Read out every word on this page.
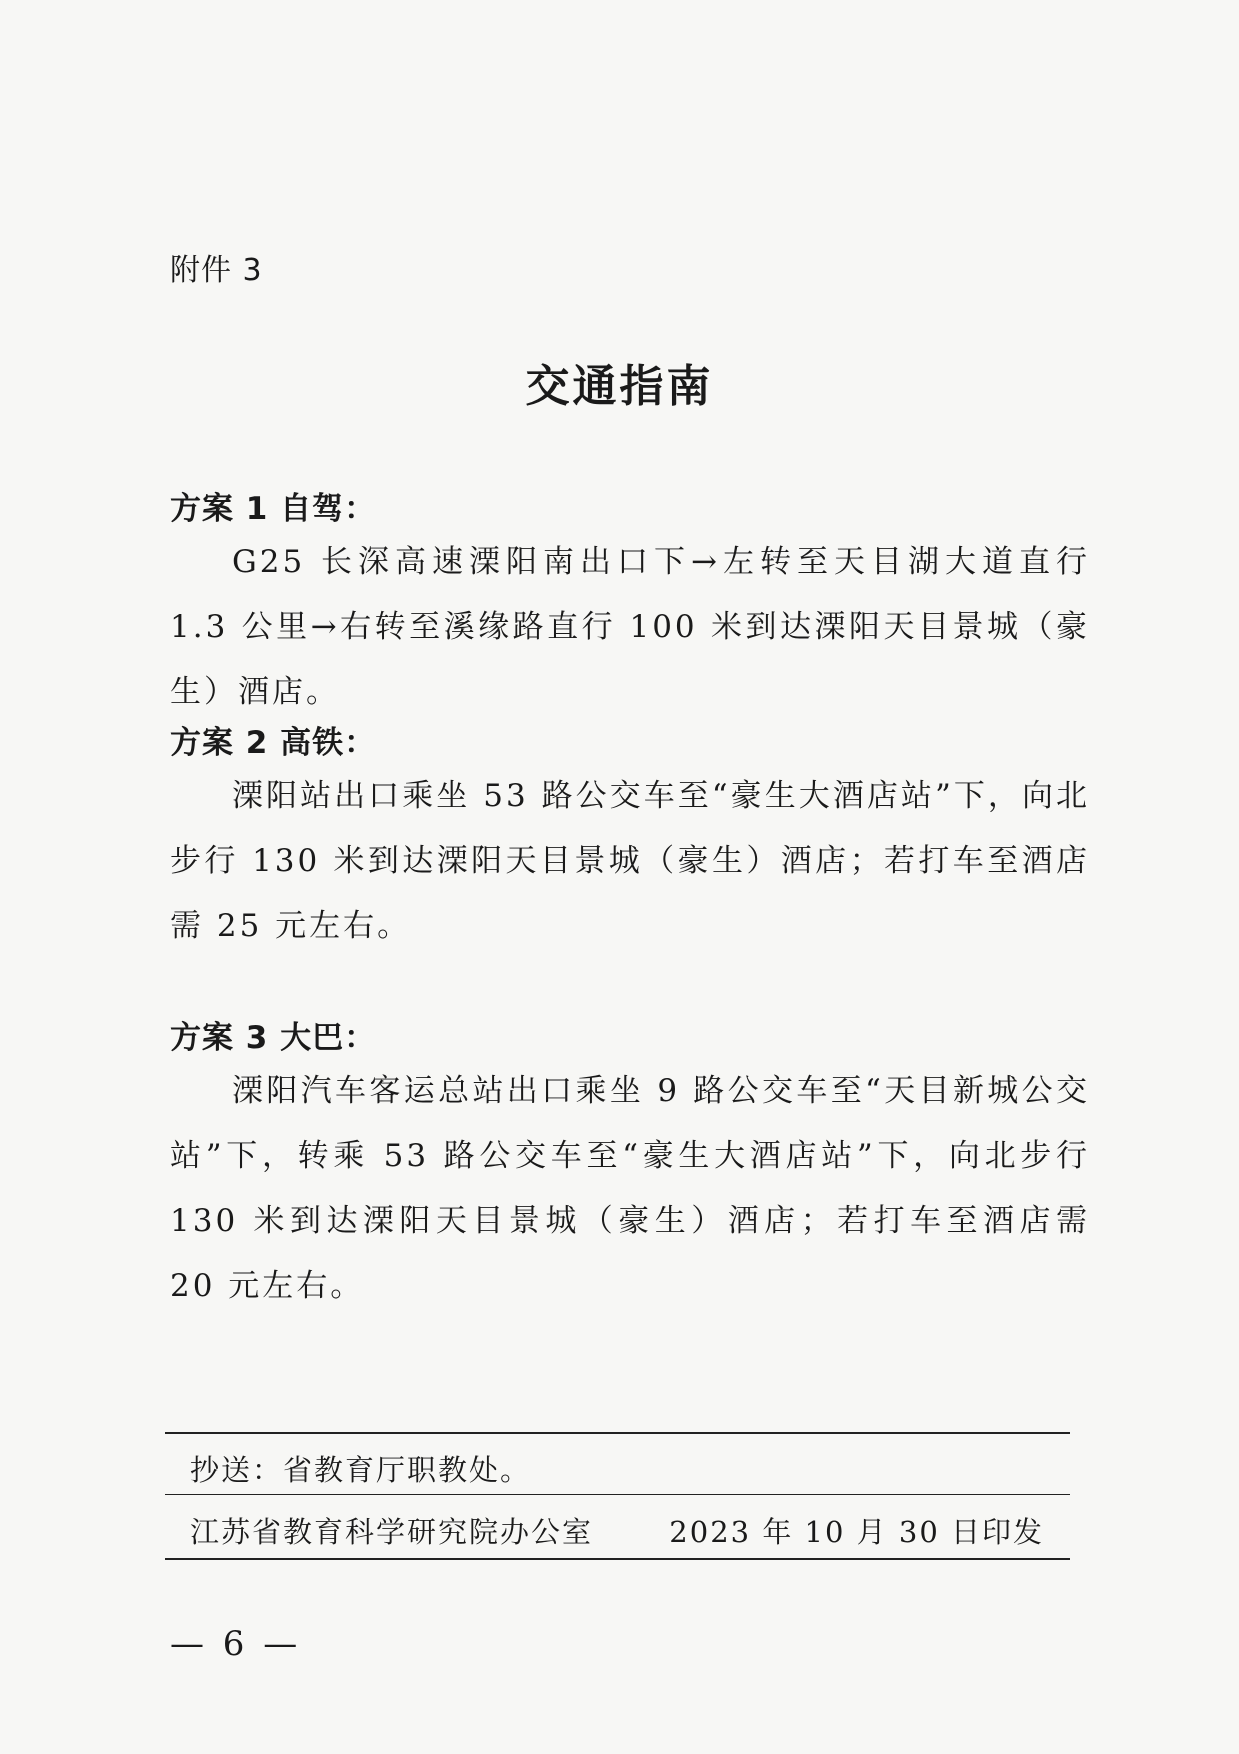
附件 3
交通指南
方案 1 自驾：
G25 长深高速溧阳南出口下→左转至天目湖大道直行 1.3 公里→右转至溪缘路直行 100 米到达溧阳天目景城（豪生）酒店。
方案 2 高铁：
溧阳站出口乘坐 53 路公交车至“豪生大酒店站”下，向北步行 130 米到达溧阳天目景城（豪生）酒店；若打车至酒店需 25 元左右。
方案 3 大巴：
溧阳汽车客运总站出口乘坐 9 路公交车至“天目新城公交站”下，转乘 53 路公交车至“豪生大酒店站”下，向北步行 130 米到达溧阳天目景城（豪生）酒店；若打车至酒店需 20 元左右。
抄送：省教育厅职教处。
江苏省教育科学研究院办公室	2023 年 10 月 30 日印发
— 6 —
